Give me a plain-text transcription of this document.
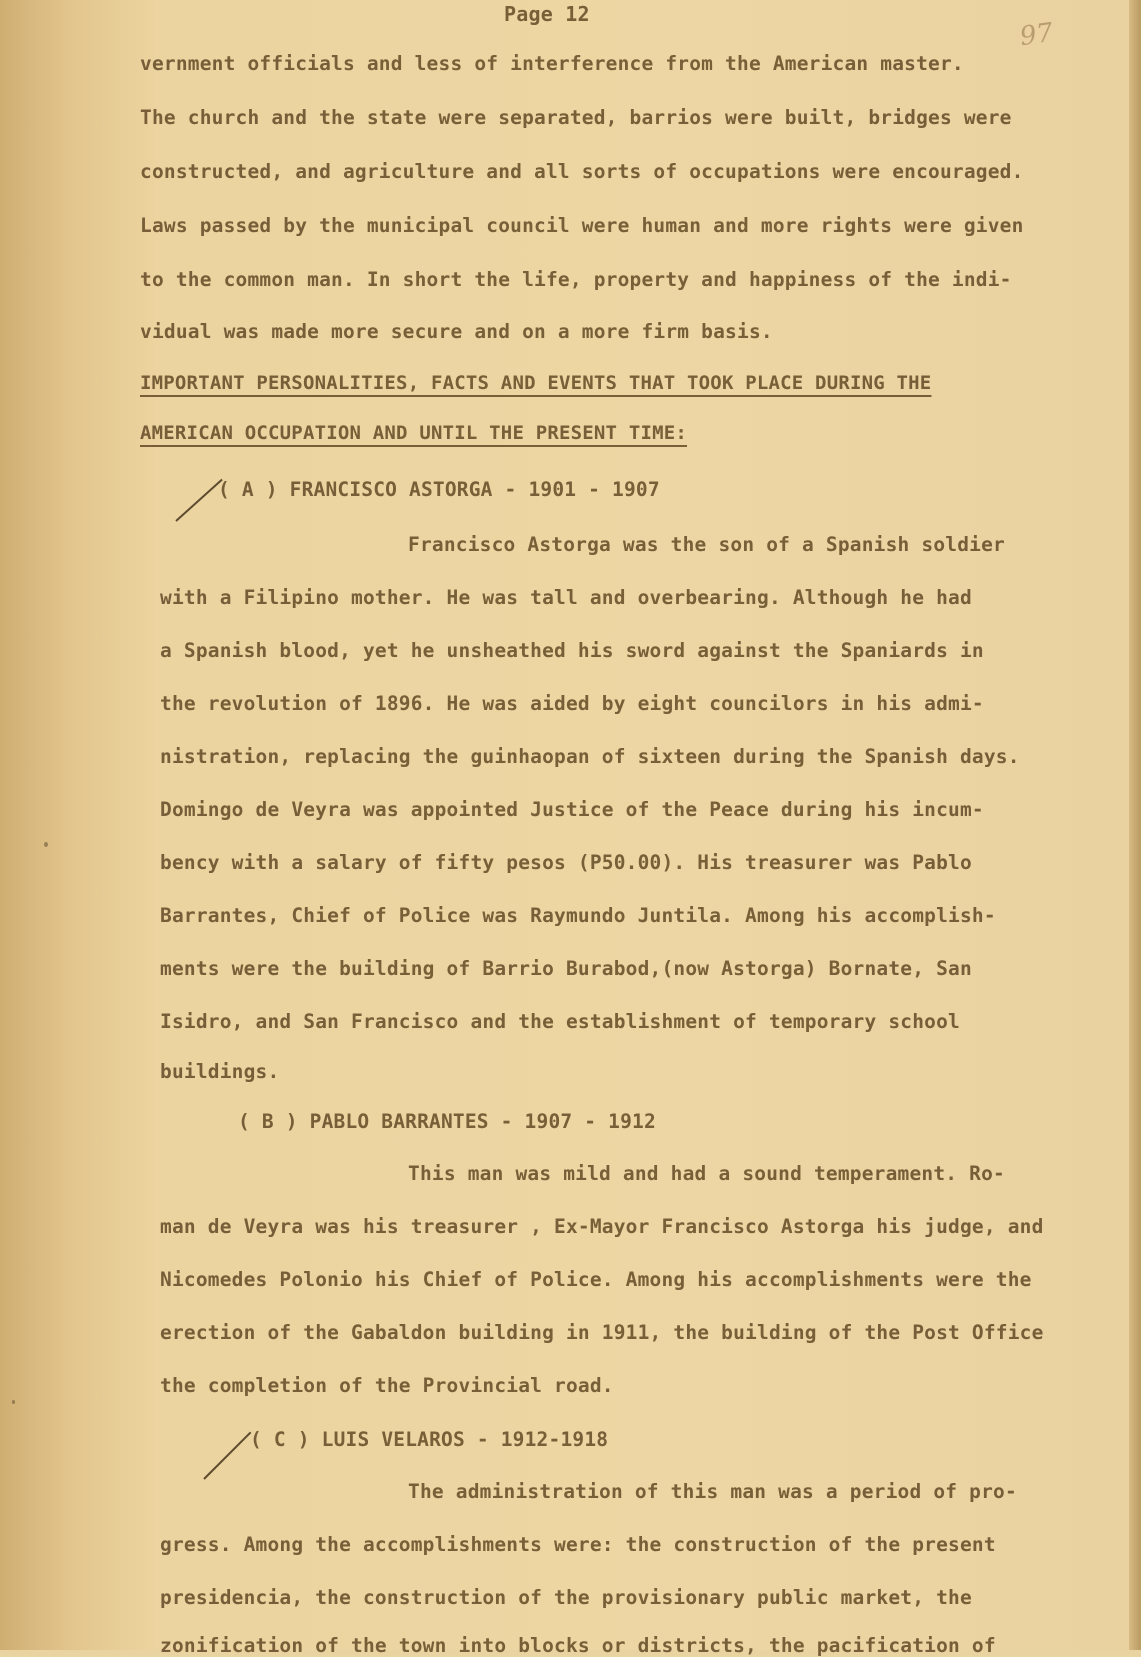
Page 12
97
vernment officials and less of interference from the American master.
The church and the state were separated, barrios were built, bridges were
constructed, and agriculture and all sorts of occupations were encouraged.
Laws passed by the municipal council were human and more rights were given
to the common man. In short the life, property and happiness of the indi-
vidual was made more secure and on a more firm basis.
IMPORTANT PERSONALITIES, FACTS AND EVENTS THAT TOOK PLACE DURING THE
AMERICAN OCCUPATION AND UNTIL THE PRESENT TIME:
( A ) FRANCISCO ASTORGA - 1901 - 1907
Francisco Astorga was the son of a Spanish soldier
with a Filipino mother. He was tall and overbearing. Although he had
a Spanish blood, yet he unsheathed his sword against the Spaniards in
the revolution of 1896. He was aided by eight councilors in his admi-
nistration, replacing the guinhaopan of sixteen during the Spanish days.
Domingo de Veyra was appointed Justice of the Peace during his incum-
bency with a salary of fifty pesos (P50.00). His treasurer was Pablo
Barrantes, Chief of Police was Raymundo Juntila. Among his accomplish-
ments were the building of Barrio Burabod,(now Astorga) Bornate, San
Isidro, and San Francisco and the establishment of temporary school
buildings.
( B ) PABLO BARRANTES - 1907 - 1912
This man was mild and had a sound temperament. Ro-
man de Veyra was his treasurer , Ex-Mayor Francisco Astorga his judge, and
Nicomedes Polonio his Chief of Police. Among his accomplishments were the
erection of the Gabaldon building in 1911, the building of the Post Office
the completion of the Provincial road.
( C ) LUIS VELAROS - 1912-1918
The administration of this man was a period of pro-
gress. Among the accomplishments were: the construction of the present
presidencia, the construction of the provisionary public market, the
zonification of the town into blocks or districts, the pacification of
